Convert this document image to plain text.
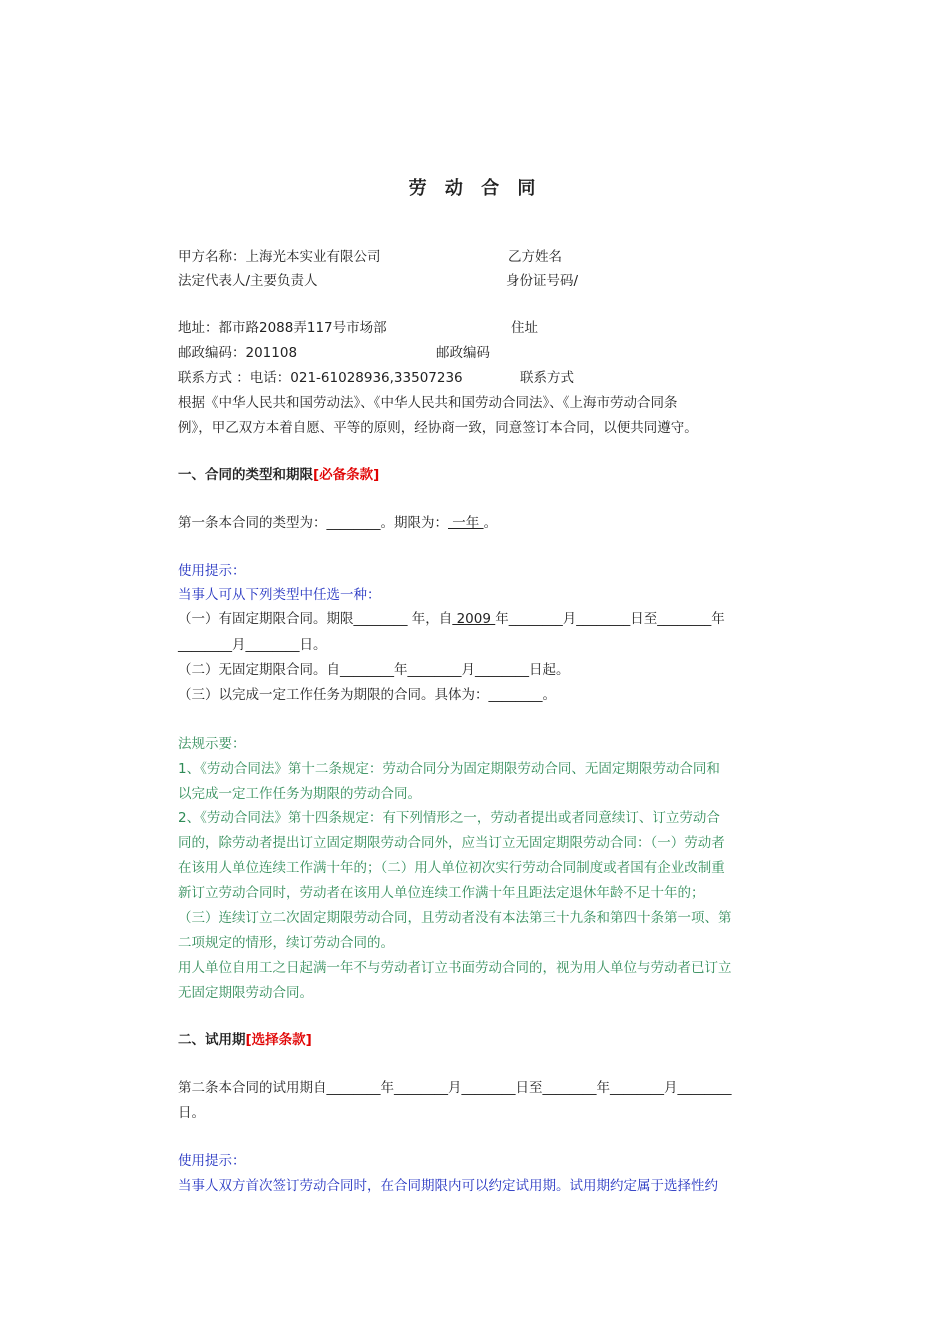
劳 动 合 同
甲方名称：上海光本实业有限公司	乙方姓名
法定代表人/主要负责人	身份证号码/
地址：都市路2088弄117号市场部	住址
邮政编码：201108	邮政编码
联系方式 ：电话：021-61028936,33507236	联系方式
根据《中华人民共和国劳动法》、《中华人民共和国劳动合同法》、《上海市劳动合同条
例》，甲乙双方本着自愿、平等的原则，经协商一致，同意签订本合同，以便共同遵守。
一、合同的类型和期限[必备条款]
第一条本合同的类型为：________。期限为： 一年 。
使用提示：
当事人可从下列类型中任选一种：
（一）有固定期限合同。期限________ 年，自 2009 年________月________日至________年
________月________日。
（二）无固定期限合同。自________年________月________日起。
（三）以完成一定工作任务为期限的合同。具体为：________。
法规示要：
1、《劳动合同法》第十二条规定：劳动合同分为固定期限劳动合同、无固定期限劳动合同和
以完成一定工作任务为期限的劳动合同。
2、《劳动合同法》第十四条规定：有下列情形之一，劳动者提出或者同意续订、订立劳动合
同的，除劳动者提出订立固定期限劳动合同外，应当订立无固定期限劳动合同：（一）劳动者
在该用人单位连续工作满十年的；（二）用人单位初次实行劳动合同制度或者国有企业改制重
新订立劳动合同时，劳动者在该用人单位连续工作满十年且距法定退休年龄不足十年的；
（三）连续订立二次固定期限劳动合同，且劳动者没有本法第三十九条和第四十条第一项、第
二项规定的情形，续订劳动合同的。
用人单位自用工之日起满一年不与劳动者订立书面劳动合同的，视为用人单位与劳动者已订立
无固定期限劳动合同。
二、试用期[选择条款]
第二条本合同的试用期自________年________月________日至________年________月________
日。
使用提示：
当事人双方首次签订劳动合同时，在合同期限内可以约定试用期。试用期约定属于选择性约
